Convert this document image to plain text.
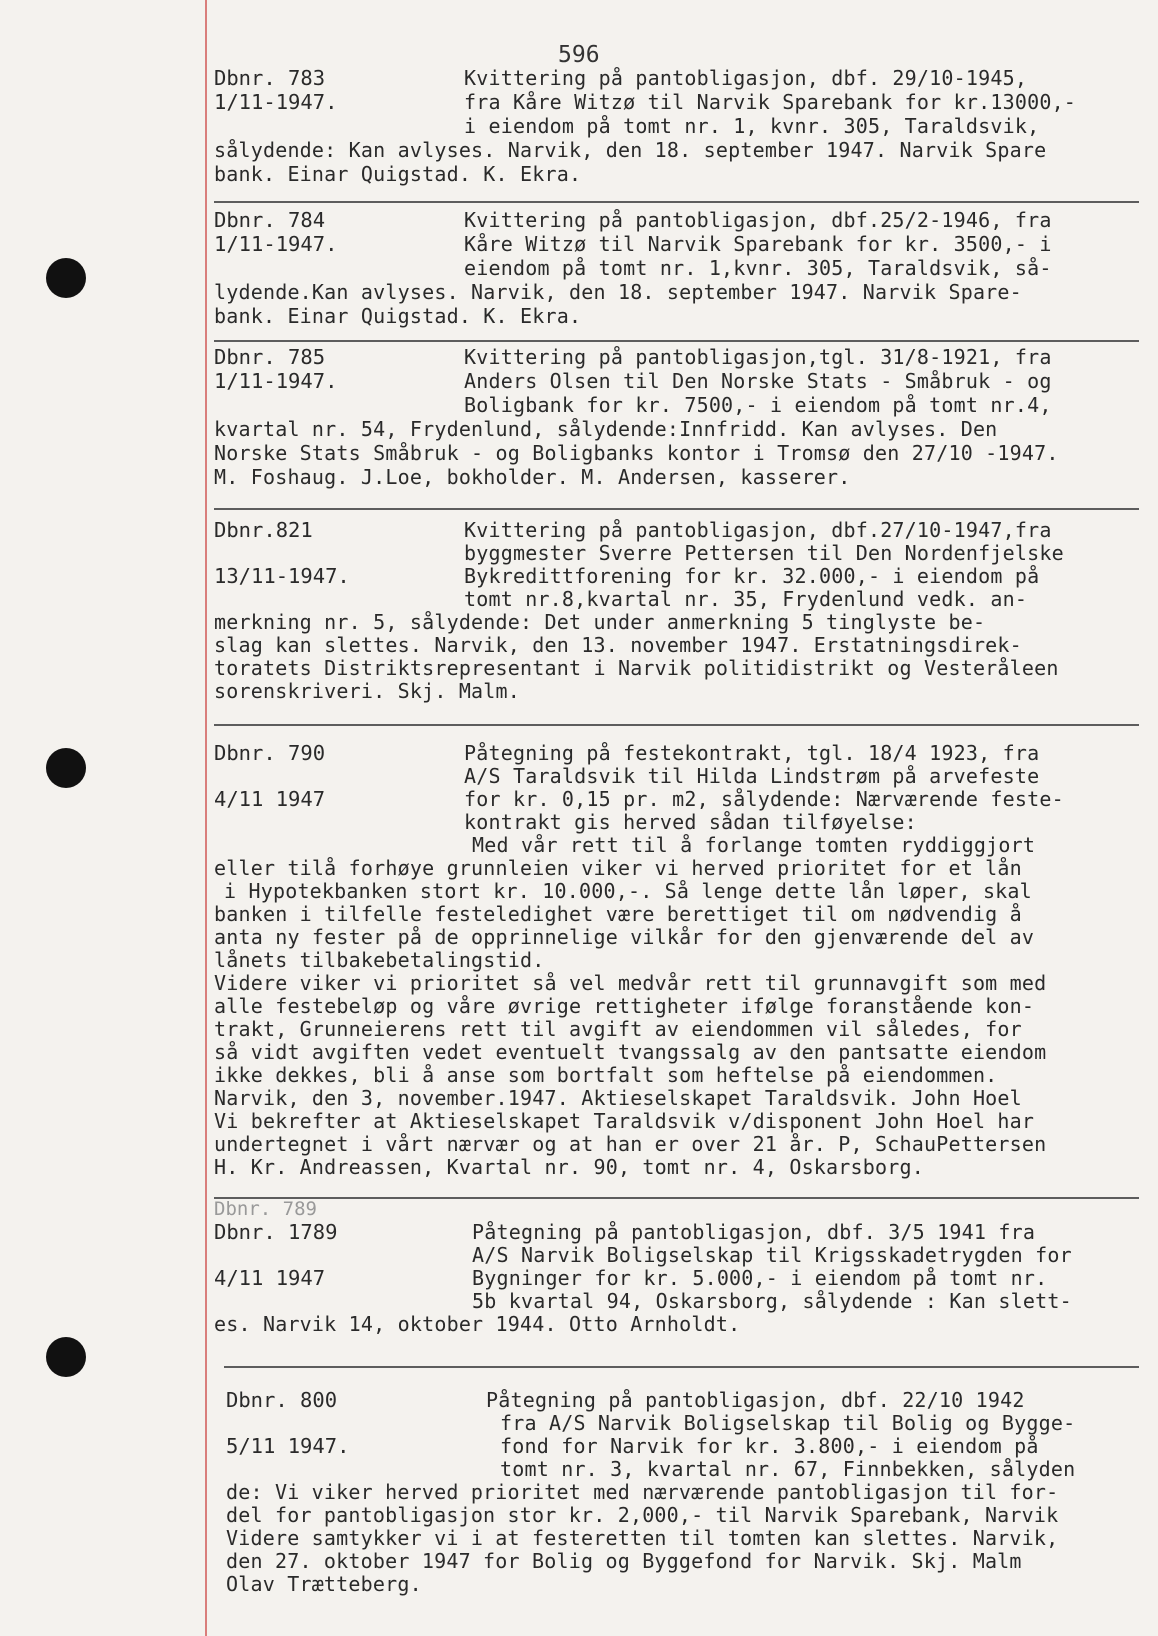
596
Dbnr. 783
1/11-1947.
Kvittering på pantobligasjon, dbf. 29/10-1945,
fra Kåre Witzø til Narvik Sparebank for kr.13000,-
i eiendom på tomt nr. 1, kvnr. 305, Taraldsvik,
sålydende: Kan avlyses. Narvik, den 18. september 1947. Narvik Spare
bank. Einar Quigstad. K. Ekra.
Dbnr. 784
1/11-1947.
Kvittering på pantobligasjon, dbf.25/2-1946, fra
Kåre Witzø til Narvik Sparebank for kr. 3500,- i
eiendom på tomt nr. 1,kvnr. 305, Taraldsvik, så-
lydende.Kan avlyses. Narvik, den 18. september 1947. Narvik Spare-
bank. Einar Quigstad. K. Ekra.
Dbnr. 785
1/11-1947.
Kvittering på pantobligasjon,tgl. 31/8-1921, fra
Anders Olsen til Den Norske Stats - Småbruk - og
Boligbank for kr. 7500,- i eiendom på tomt nr.4,
kvartal nr. 54, Frydenlund, sålydende:Innfridd. Kan avlyses. Den
Norske Stats Småbruk - og Boligbanks kontor i Tromsø den 27/10 -1947.
M. Foshaug. J.Loe, bokholder. M. Andersen, kasserer.
Dbnr.821
13/11-1947.
Kvittering på pantobligasjon, dbf.27/10-1947,fra
byggmester Sverre Pettersen til Den Nordenfjelske
Bykredittforening for kr. 32.000,- i eiendom på
tomt nr.8,kvartal nr. 35, Frydenlund vedk. an-
merkning nr. 5, sålydende: Det under anmerkning 5 tinglyste be-
slag kan slettes. Narvik, den 13. november 1947. Erstatningsdirek-
toratets Distriktsrepresentant i Narvik politidistrikt og Vesteråleen
sorenskriveri. Skj. Malm.
Dbnr. 790
4/11 1947
Påtegning på festekontrakt, tgl. 18/4 1923, fra
A/S Taraldsvik til Hilda Lindstrøm på arvefeste
for kr. 0,15 pr. m2, sålydende: Nærværende feste-
kontrakt gis herved sådan tilføyelse:
Med vår rett til å forlange tomten ryddiggjort
eller tilå forhøye grunnleien viker vi herved prioritet for et lån
i Hypotekbanken stort kr. 10.000,-. Så lenge dette lån løper, skal
banken i tilfelle festeledighet være berettiget til om nødvendig å
anta ny fester på de opprinnelige vilkår for den gjenværende del av
lånets tilbakebetalingstid.
Videre viker vi prioritet så vel medvår rett til grunnavgift som med
alle festebeløp og våre øvrige rettigheter ifølge foranstående kon-
trakt, Grunneierens rett til avgift av eiendommen vil således, for
så vidt avgiften vedet eventuelt tvangssalg av den pantsatte eiendom
ikke dekkes, bli å anse som bortfalt som heftelse på eiendommen.
Narvik, den 3, november.1947. Aktieselskapet Taraldsvik. John Hoel
Vi bekrefter at Aktieselskapet Taraldsvik v/disponent John Hoel har
undertegnet i vårt nærvær og at han er over 21 år. P, SchauPettersen
H. Kr. Andreassen, Kvartal nr. 90, tomt nr. 4, Oskarsborg.
Dbnr. 789
Dbnr. 1789
4/11 1947
Påtegning på pantobligasjon, dbf. 3/5 1941 fra
A/S Narvik Boligselskap til Krigsskadetrygden for
Bygninger for kr. 5.000,- i eiendom på tomt nr.
5b kvartal 94, Oskarsborg, sålydende : Kan slett-
es. Narvik 14, oktober 1944. Otto Arnholdt.
Dbnr. 800
5/11 1947.
Påtegning på pantobligasjon, dbf. 22/10 1942
fra A/S Narvik Boligselskap til Bolig og Bygge-
fond for Narvik for kr. 3.800,- i eiendom på
tomt nr. 3, kvartal nr. 67, Finnbekken, sålyden
de: Vi viker herved prioritet med nærværende pantobligasjon til for-
del for pantobligasjon stor kr. 2,000,- til Narvik Sparebank, Narvik
Videre samtykker vi i at festeretten til tomten kan slettes. Narvik,
den 27. oktober 1947 for Bolig og Byggefond for Narvik. Skj. Malm
Olav Trætteberg.
